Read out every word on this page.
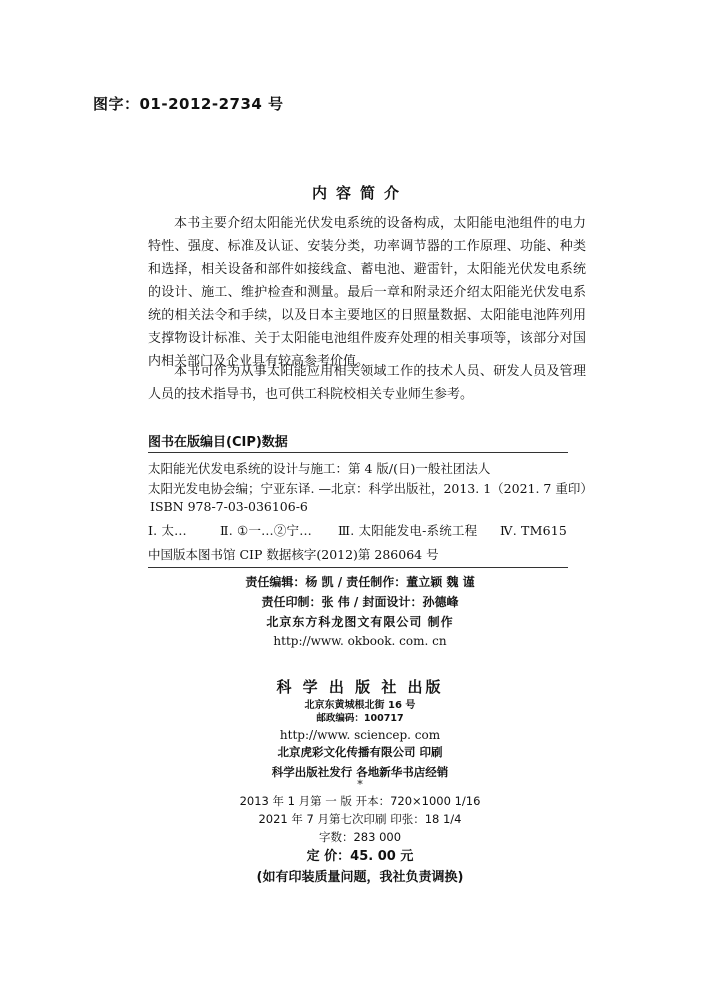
图字：01-2012-2734 号
内容简介

本书主要介绍太阳能光伏发电系统的设备构成，太阳能电池组件的电力特性、强度、标准及认证、安装分类，功率调节器的工作原理、功能、种类和选择，相关设备和部件如接线盒、蓄电池、避雷针，太阳能光伏发电系统的设计、施工、维护检查和测量。最后一章和附录还介绍太阳能光伏发电系统的相关法令和手续，以及日本主要地区的日照量数据、太阳能电池阵列用支撑物设计标准、关于太阳能电池组件废弃处理的相关事项等，该部分对国内相关部门及企业具有较高参考价值。

本书可作为从事太阳能应用相关领域工作的技术人员、研发人员及管理人员的技术指导书，也可供工科院校相关专业师生参考。

图书在版编目(CIP)数据
太阳能光伏发电系统的设计与施工：第 4 版/(日)一般社团法人
太阳光发电协会编；宁亚东译. —北京：科学出版社，2013. 1（2021. 7 重印）
ISBN 978-7-03-036106-6
Ⅰ. 太…	Ⅱ. ①一…②宁… Ⅲ. 太阳能发电-系统工程 Ⅳ. TM615
中国版本图书馆 CIP 数据核字(2012)第 286064 号
责任编辑：杨 凯 / 责任制作：董立颖 魏 谨
责任印制：张 伟 / 封面设计：孙德峰
北京东方科龙图文有限公司 制作
http://www. okbook. com. cn
科 学 出 版 社 出版
北京东黄城根北街 16 号
邮政编码：100717
http://www. sciencep. com
北京虎彩文化传播有限公司 印刷
科学出版社发行 各地新华书店经销
*
2013 年 1 月第 一 版 开本：720×1000 1/16
2021 年 7 月第七次印刷 印张：18 1/4
字数：283 000
定 价：45. 00 元
(如有印装质量问题，我社负责调换)
